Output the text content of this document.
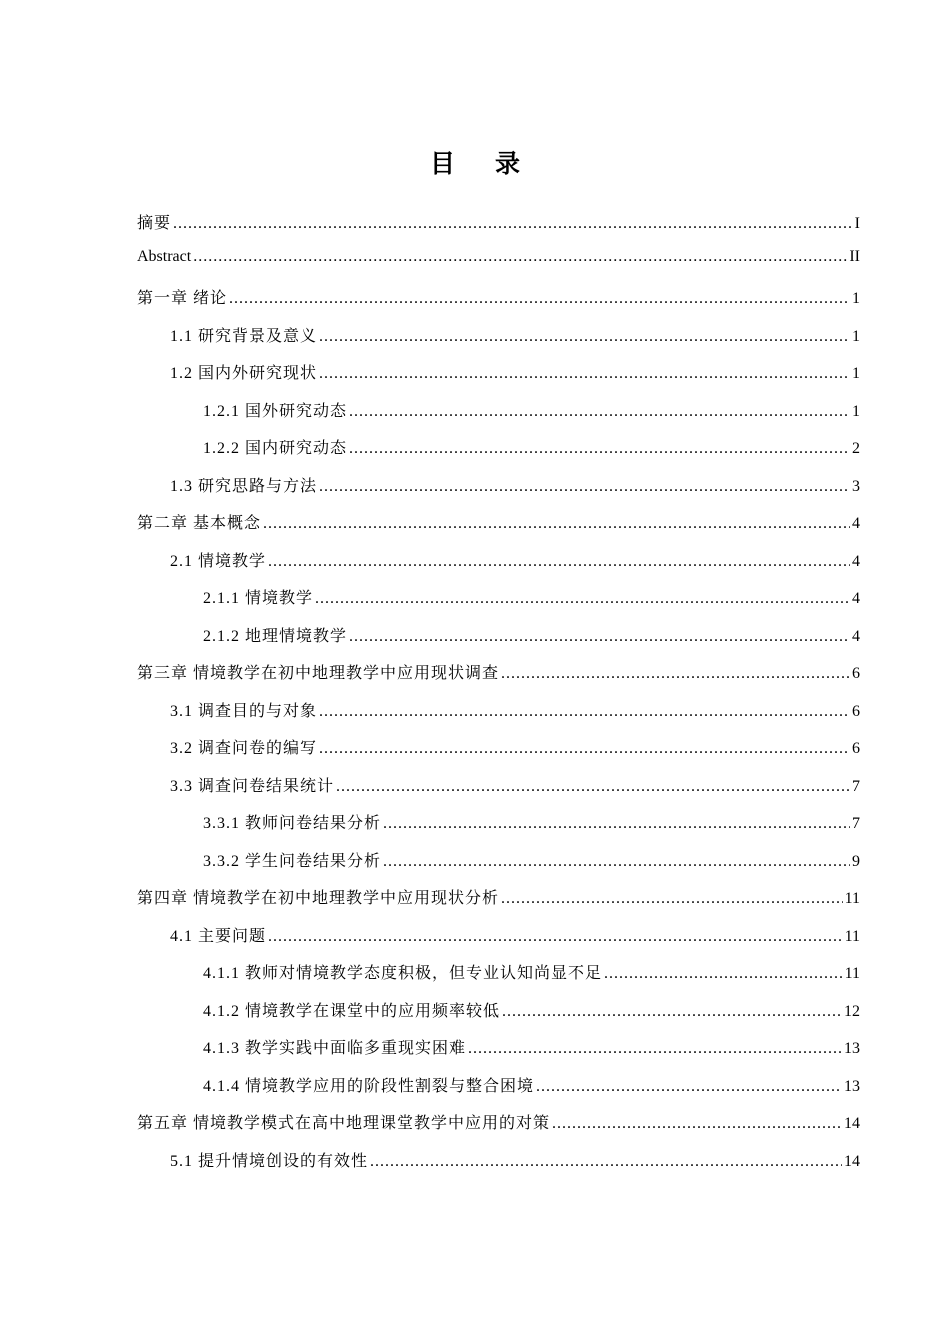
目 录
摘要 .....	I
Abstract .....	II
第一章 绪论 .....	1
1.1 研究背景及意义 .....	1
1.2 国内外研究现状 .....	1
1.2.1 国外研究动态 .....	1
1.2.2 国内研究动态 .....	2
1.3 研究思路与方法 .....	3
第二章 基本概念 .....	4
2.1 情境教学 .....	4
2.1.1 情境教学 .....	4
2.1.2 地理情境教学 .....	4
第三章 情境教学在初中地理教学中应用现状调查 .....	6
3.1 调查目的与对象 .....	6
3.2 调查问卷的编写 .....	6
3.3 调查问卷结果统计 .....	7
3.3.1 教师问卷结果分析 .....	7
3.3.2 学生问卷结果分析 .....	9
第四章 情境教学在初中地理教学中应用现状分析 .....	11
4.1 主要问题 .....	11
4.1.1 教师对情境教学态度积极，但专业认知尚显不足 .....	11
4.1.2 情境教学在课堂中的应用频率较低 .....	12
4.1.3 教学实践中面临多重现实困难 .....	13
4.1.4 情境教学应用的阶段性割裂与整合困境 .....	13
第五章 情境教学模式在高中地理课堂教学中应用的对策 .....	14
5.1 提升情境创设的有效性 .....	14
